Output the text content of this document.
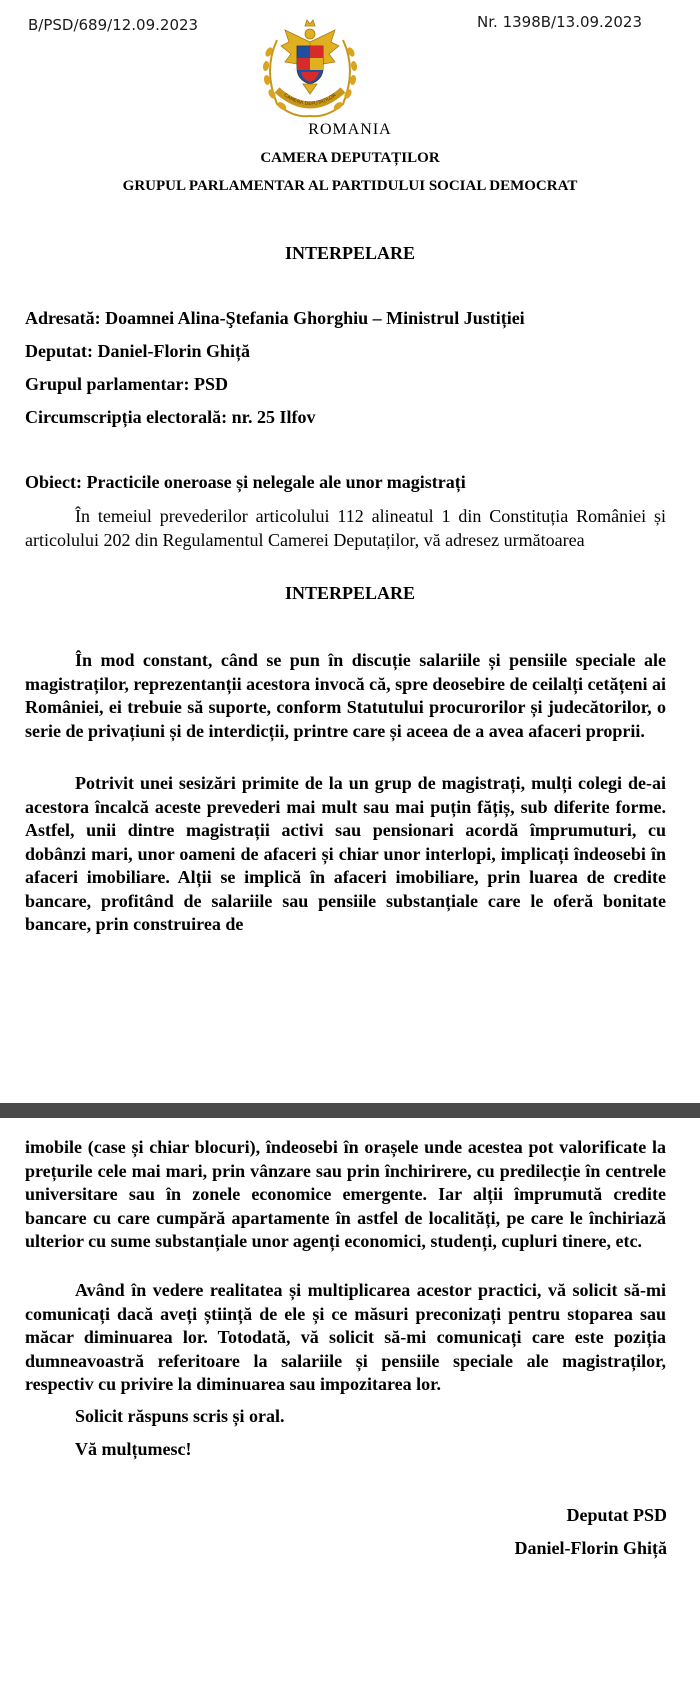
B/PSD/689/12.09.2023	Nr. 1398B/13.09.2023
CAMERA DEPUTAȚILOR
ROMANIA
CAMERA DEPUTAȚILOR
GRUPUL PARLAMENTAR AL PARTIDULUI SOCIAL DEMOCRAT
INTERPELARE
Adresată: Doamnei Alina-Ştefania Ghorghiu – Ministrul Justiției
Deputat: Daniel-Florin Ghiță
Grupul parlamentar: PSD
Circumscripția electorală: nr. 25 Ilfov
Obiect: Practicile oneroase și nelegale ale unor magistrați
În temeiul prevederilor articolului 112 alineatul 1 din Constituția României și articolului 202 din Regulamentul Camerei Deputaților, vă adresez următoarea
INTERPELARE
În mod constant, când se pun în discuție salariile și pensiile speciale ale magistraților, reprezentanții acestora invocă că, spre deosebire de ceilalți cetățeni ai României, ei trebuie să suporte, conform Statutului procurorilor și judecătorilor, o serie de privațiuni și de interdicții, printre care și aceea de a avea afaceri proprii.
Potrivit unei sesizări primite de la un grup de magistrați, mulți colegi de-ai acestora încalcă aceste prevederi mai mult sau mai puțin fățiș, sub diferite forme. Astfel, unii dintre magistrații activi sau pensionari acordă împrumuturi, cu dobânzi mari, unor oameni de afaceri și chiar unor interlopi, implicați îndeosebi în afaceri imobiliare. Alții se implică în afaceri imobiliare, prin luarea de credite bancare, profitând de salariile sau pensiile substanțiale care le oferă bonitate bancare, prin construirea de
imobile (case și chiar blocuri), îndeosebi în orașele unde acestea pot valorificate la prețurile cele mai mari, prin vânzare sau prin închirirere, cu predilecție în centrele universitare sau în zonele economice emergente. Iar alții împrumută credite bancare cu care cumpără apartamente în astfel de localități, pe care le închiriază ulterior cu sume substanțiale unor agenți economici, studenți, cupluri tinere, etc.
Având în vedere realitatea și multiplicarea acestor practici, vă solicit să-mi comunicați dacă aveți știință de ele și ce măsuri preconizați pentru stoparea sau măcar diminuarea lor. Totodată, vă solicit să-mi comunicați care este poziția dumneavoastră referitoare la salariile și pensiile speciale ale magistraților, respectiv cu privire la diminuarea sau impozitarea lor.
Solicit răspuns scris și oral.
Vă mulțumesc!
Deputat PSD
Daniel-Florin Ghiță
